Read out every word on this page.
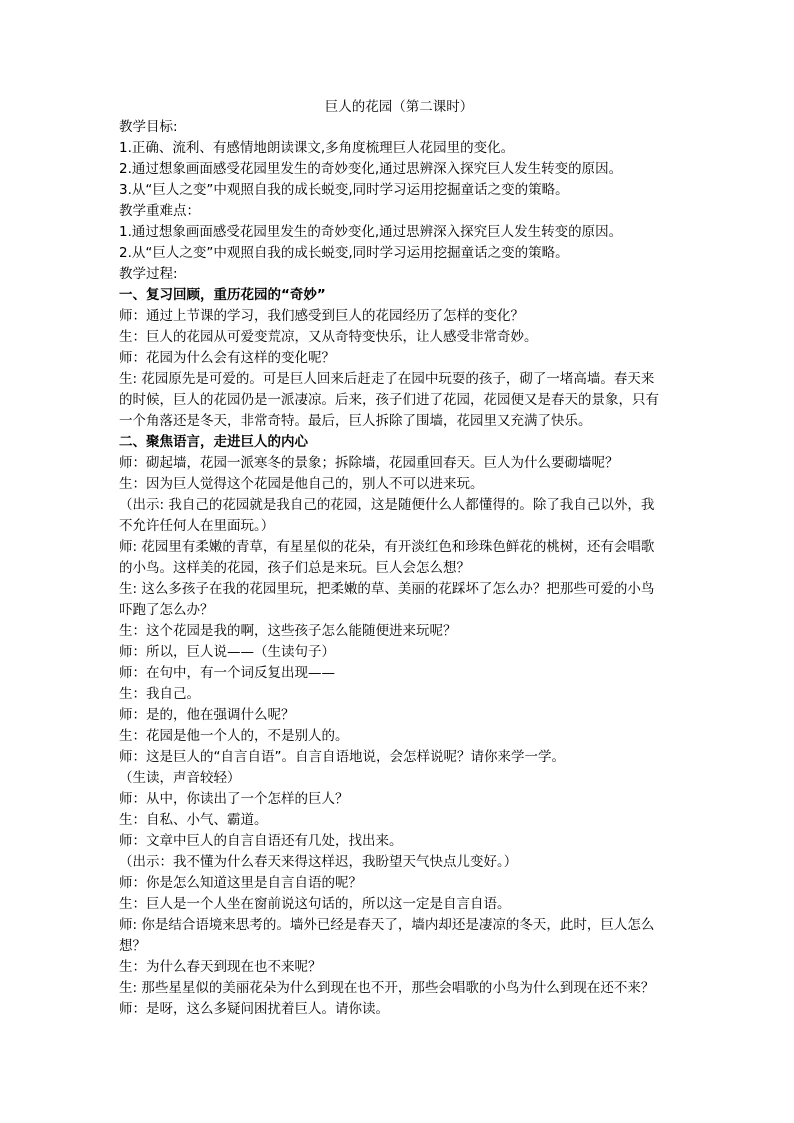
巨人的花园（第二课时）

教学目标:

1.正确、流利、有感情地朗读课文,多角度梳理巨人花园里的变化。

2.通过想象画面感受花园里发生的奇妙变化,通过思辨深入探究巨人发生转变的原因。

3.从“巨人之变”中观照自我的成长蜕变,同时学习运用挖掘童话之变的策略。

教学重难点：

1.通过想象画面感受花园里发生的奇妙变化,通过思辨深入探究巨人发生转变的原因。

2.从“巨人之变”中观照自我的成长蜕变,同时学习运用挖掘童话之变的策略。

教学过程:

一、复习回顾，重历花园的“奇妙”

师：通过上节课的学习，我们感受到巨人的花园经历了怎样的变化？

生：巨人的花园从可爱变荒凉，又从奇特变快乐，让人感受非常奇妙。

师：花园为什么会有这样的变化呢？

生: 花园原先是可爱的。可是巨人回来后赶走了在园中玩耍的孩子，砌了一堵高墙。春天来

的时候，巨人的花园仍是一派凄凉。后来，孩子们进了花园，花园便又是春天的景象，只有

一个角落还是冬天，非常奇特。最后，巨人拆除了围墙，花园里又充满了快乐。

二、聚焦语言，走进巨人的内心

师：砌起墙，花园一派寒冬的景象；拆除墙，花园重回春天。巨人为什么要砌墙呢？

生：因为巨人觉得这个花园是他自己的，别人不可以进来玩。

（出示: 我自己的花园就是我自己的花园，这是随便什么人都懂得的。除了我自己以外，我

不允许任何人在里面玩。）

师: 花园里有柔嫩的青草，有星星似的花朵，有开淡红色和珍珠色鲜花的桃树，还有会唱歌

的小鸟。这样美的花园，孩子们总是来玩。巨人会怎么想？

生: 这么多孩子在我的花园里玩，把柔嫩的草、美丽的花踩坏了怎么办？把那些可爱的小鸟

吓跑了怎么办？

生：这个花园是我的啊，这些孩子怎么能随便进来玩呢？

师：所以，巨人说——（生读句子）

师：在句中，有一个词反复出现——

生：我自己。

师：是的，他在强调什么呢？

生：花园是他一个人的，不是别人的。

师：这是巨人的“自言自语”。自言自语地说，会怎样说呢？请你来学一学。

（生读，声音较轻）

师：从中，你读出了一个怎样的巨人？

生：自私、小气、霸道。

师：文章中巨人的自言自语还有几处，找出来。

（出示：我不懂为什么春天来得这样迟，我盼望天气快点儿变好。）

师：你是怎么知道这里是自言自语的呢？

生：巨人是一个人坐在窗前说这句话的，所以这一定是自言自语。

师: 你是结合语境来思考的。墙外已经是春天了，墙内却还是凄凉的冬天，此时，巨人怎么

想？

生：为什么春天到现在也不来呢？

生: 那些星星似的美丽花朵为什么到现在也不开，那些会唱歌的小鸟为什么到现在还不来？

师：是呀，这么多疑问困扰着巨人。请你读。
